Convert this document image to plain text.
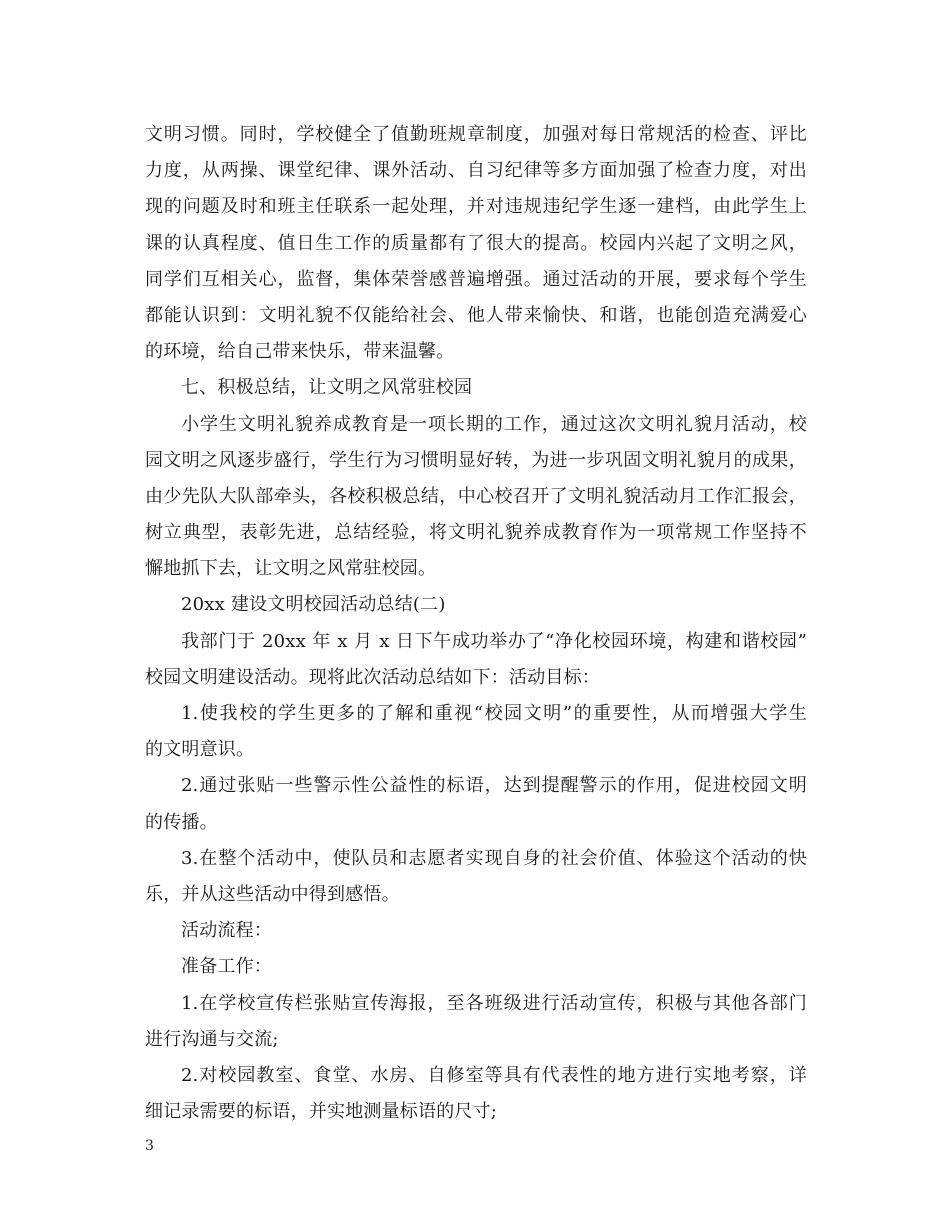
文明习惯。同时，学校健全了值勤班规章制度，加强对每日常规活的检查、评比
力度，从两操、课堂纪律、课外活动、自习纪律等多方面加强了检查力度，对出
现的问题及时和班主任联系一起处理，并对违规违纪学生逐一建档，由此学生上
课的认真程度、值日生工作的质量都有了很大的提高。校园内兴起了文明之风，
同学们互相关心，监督，集体荣誉感普遍增强。通过活动的开展，要求每个学生
都能认识到：文明礼貌不仅能给社会、他人带来愉快、和谐，也能创造充满爱心
的环境，给自己带来快乐，带来温馨。
七、积极总结，让文明之风常驻校园
小学生文明礼貌养成教育是一项长期的工作，通过这次文明礼貌月活动，校
园文明之风逐步盛行，学生行为习惯明显好转，为进一步巩固文明礼貌月的成果，
由少先队大队部牵头，各校积极总结，中心校召开了文明礼貌活动月工作汇报会，
树立典型，表彰先进，总结经验，将文明礼貌养成教育作为一项常规工作坚持不
懈地抓下去，让文明之风常驻校园。
20xx 建设文明校园活动总结(二)
我部门于 20xx 年 x 月 x 日下午成功举办了“净化校园环境，构建和谐校园”
校园文明建设活动。现将此次活动总结如下：活动目标：
1.使我校的学生更多的了解和重视“校园文明”的重要性，从而增强大学生
的文明意识。
2.通过张贴一些警示性公益性的标语，达到提醒警示的作用，促进校园文明
的传播。
3.在整个活动中，使队员和志愿者实现自身的社会价值、体验这个活动的快
乐，并从这些活动中得到感悟。
活动流程：
准备工作：
1.在学校宣传栏张贴宣传海报，至各班级进行活动宣传，积极与其他各部门
进行沟通与交流;
2.对校园教室、食堂、水房、自修室等具有代表性的地方进行实地考察，详
细记录需要的标语，并实地测量标语的尺寸;
3
